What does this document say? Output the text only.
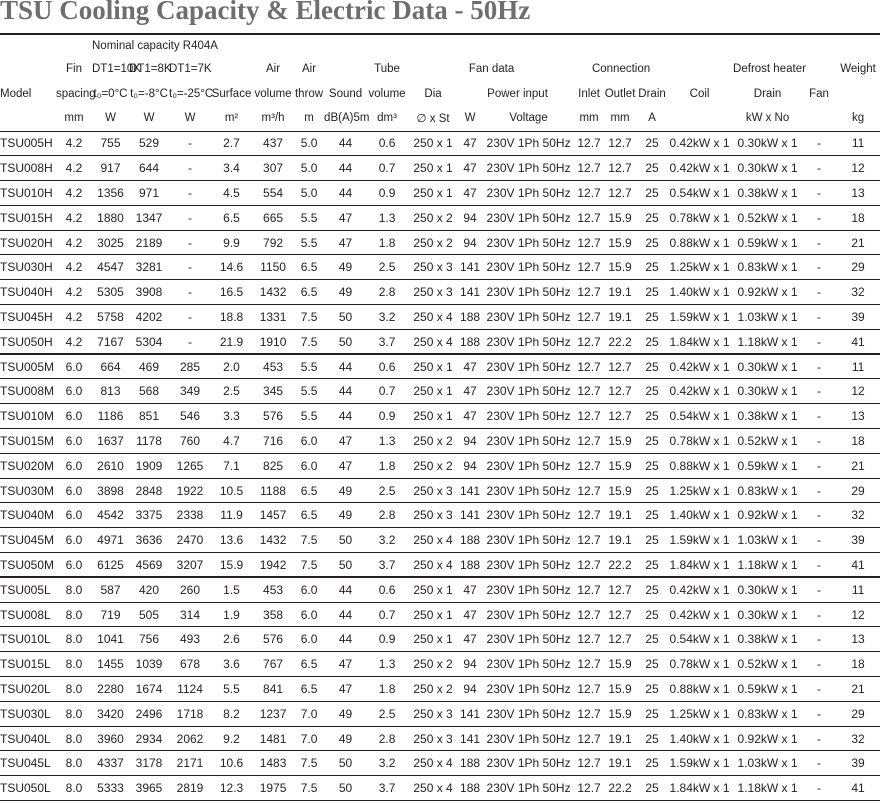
TSU Cooling Capacity & Electric Data - 50Hz
		Nominal capacity R404A																	
	Fin	DT1=10K	DT1=8K	DT1=7K		Air	Air		Tube	Fan data			Connection				Defrost heater		Weight
Model	spacing	t₀=0°C	t₀=-8°C	t₀=-25°C	Surface	volume	throw	Sound	volume	Dia	Power input		Inlet	Outlet	Drain	Coil	Drain	Fan	
	mm	W	W	W	m²	m³/h	m	dB(A)5m	dm³	∅ x St	W	Voltage	mm	mm	A		kW x No		kg
TSU005H	4.2	755	529	-	2.7	437	5.0	44	0.6	250 x 1	47	230V 1Ph 50Hz	12.7	12.7	25	0.42kW x 1	0.30kW x 1	-	11
TSU008H	4.2	917	644	-	3.4	307	5.0	44	0.7	250 x 1	47	230V 1Ph 50Hz	12.7	12.7	25	0.42kW x 1	0.30kW x 1	-	12
TSU010H	4.2	1356	971	-	4.5	554	5.0	44	0.9	250 x 1	47	230V 1Ph 50Hz	12.7	12.7	25	0.54kW x 1	0.38kW x 1	-	13
TSU015H	4.2	1880	1347	-	6.5	665	5.5	47	1.3	250 x 2	94	230V 1Ph 50Hz	12.7	15.9	25	0.78kW x 1	0.52kW x 1	-	18
TSU020H	4.2	3025	2189	-	9.9	792	5.5	47	1.8	250 x 2	94	230V 1Ph 50Hz	12.7	15.9	25	0.88kW x 1	0.59kW x 1	-	21
TSU030H	4.2	4547	3281	-	14.6	1150	6.5	49	2.5	250 x 3	141	230V 1Ph 50Hz	12.7	15.9	25	1.25kW x 1	0.83kW x 1	-	29
TSU040H	4.2	5305	3908	-	16.5	1432	6.5	49	2.8	250 x 3	141	230V 1Ph 50Hz	12.7	19.1	25	1.40kW x 1	0.92kW x 1	-	32
TSU045H	4.2	5758	4202	-	18.8	1331	7.5	50	3.2	250 x 4	188	230V 1Ph 50Hz	12.7	19.1	25	1.59kW x 1	1.03kW x 1	-	39
TSU050H	4.2	7167	5304	-	21.9	1910	7.5	50	3.7	250 x 4	188	230V 1Ph 50Hz	12.7	22.2	25	1.84kW x 1	1.18kW x 1	-	41
TSU005M	6.0	664	469	285	2.0	453	5.5	44	0.6	250 x 1	47	230V 1Ph 50Hz	12.7	12.7	25	0.42kW x 1	0.30kW x 1	-	11
TSU008M	6.0	813	568	349	2.5	345	5.5	44	0.7	250 x 1	47	230V 1Ph 50Hz	12.7	12.7	25	0.42kW x 1	0.30kW x 1	-	12
TSU010M	6.0	1186	851	546	3.3	576	5.5	44	0.9	250 x 1	47	230V 1Ph 50Hz	12.7	12.7	25	0.54kW x 1	0.38kW x 1	-	13
TSU015M	6.0	1637	1178	760	4.7	716	6.0	47	1.3	250 x 2	94	230V 1Ph 50Hz	12.7	15.9	25	0.78kW x 1	0.52kW x 1	-	18
TSU020M	6.0	2610	1909	1265	7.1	825	6.0	47	1.8	250 x 2	94	230V 1Ph 50Hz	12.7	15.9	25	0.88kW x 1	0.59kW x 1	-	21
TSU030M	6.0	3898	2848	1922	10.5	1188	6.5	49	2.5	250 x 3	141	230V 1Ph 50Hz	12.7	15.9	25	1.25kW x 1	0.83kW x 1	-	29
TSU040M	6.0	4542	3375	2338	11.9	1457	6.5	49	2.8	250 x 3	141	230V 1Ph 50Hz	12.7	19.1	25	1.40kW x 1	0.92kW x 1	-	32
TSU045M	6.0	4971	3636	2470	13.6	1432	7.5	50	3.2	250 x 4	188	230V 1Ph 50Hz	12.7	19.1	25	1.59kW x 1	1.03kW x 1	-	39
TSU050M	6.0	6125	4569	3207	15.9	1942	7.5	50	3.7	250 x 4	188	230V 1Ph 50Hz	12.7	22.2	25	1.84kW x 1	1.18kW x 1	-	41
TSU005L	8.0	587	420	260	1.5	453	6.0	44	0.6	250 x 1	47	230V 1Ph 50Hz	12.7	12.7	25	0.42kW x 1	0.30kW x 1	-	11
TSU008L	8.0	719	505	314	1.9	358	6.0	44	0.7	250 x 1	47	230V 1Ph 50Hz	12.7	12.7	25	0.42kW x 1	0.30kW x 1	-	12
TSU010L	8.0	1041	756	493	2.6	576	6.0	44	0.9	250 x 1	47	230V 1Ph 50Hz	12.7	12.7	25	0.54kW x 1	0.38kW x 1	-	13
TSU015L	8.0	1455	1039	678	3.6	767	6.5	47	1.3	250 x 2	94	230V 1Ph 50Hz	12.7	15.9	25	0.78kW x 1	0.52kW x 1	-	18
TSU020L	8.0	2280	1674	1124	5.5	841	6.5	47	1.8	250 x 2	94	230V 1Ph 50Hz	12.7	15.9	25	0.88kW x 1	0.59kW x 1	-	21
TSU030L	8.0	3420	2496	1718	8.2	1237	7.0	49	2.5	250 x 3	141	230V 1Ph 50Hz	12.7	15.9	25	1.25kW x 1	0.83kW x 1	-	29
TSU040L	8.0	3960	2934	2062	9.2	1481	7.0	49	2.8	250 x 3	141	230V 1Ph 50Hz	12.7	19.1	25	1.40kW x 1	0.92kW x 1	-	32
TSU045L	8.0	4337	3178	2171	10.6	1483	7.5	50	3.2	250 x 4	188	230V 1Ph 50Hz	12.7	19.1	25	1.59kW x 1	1.03kW x 1	-	39
TSU050L	8.0	5333	3965	2819	12.3	1975	7.5	50	3.7	250 x 4	188	230V 1Ph 50Hz	12.7	22.2	25	1.84kW x 1	1.18kW x 1	-	41
